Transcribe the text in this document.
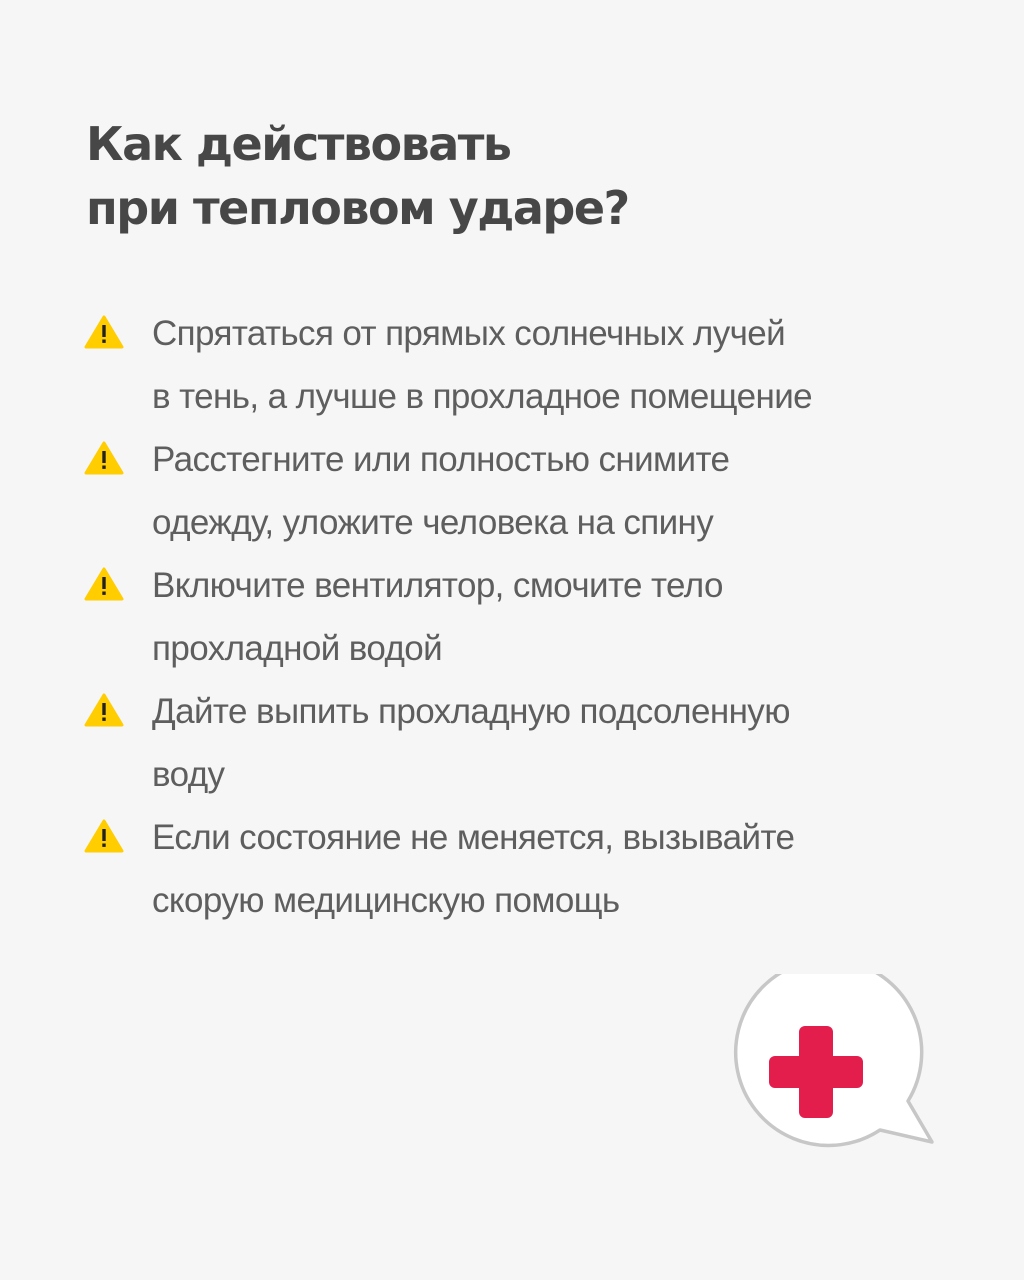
Как действовать
при тепловом ударе?
Спрятаться от прямых солнечных лучей
в тень, а лучше в прохладное помещение
Расстегните или полностью снимите
одежду, уложите человека на спину
Включите вентилятор, смочите тело
прохладной водой
Дайте выпить прохладную подсоленную
воду
Если состояние не меняется, вызывайте
скорую медицинскую помощь
